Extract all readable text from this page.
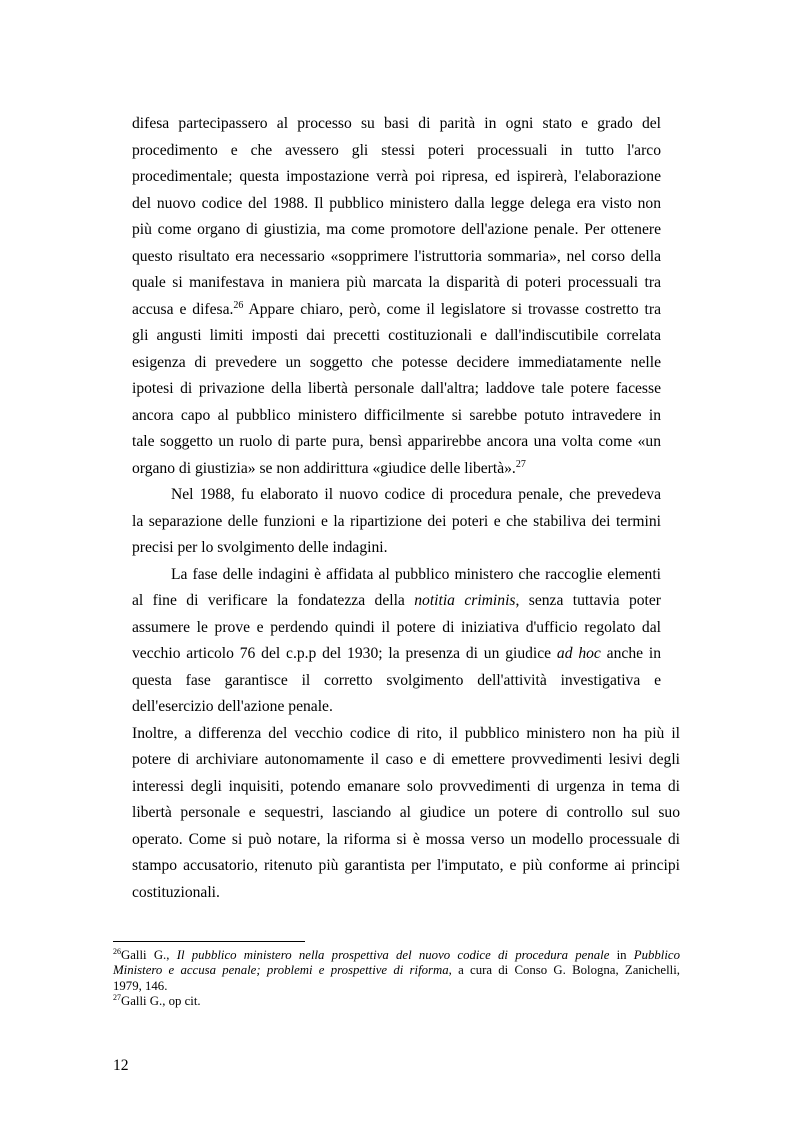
difesa partecipassero al processo su basi di parità in ogni stato e grado del
procedimento e che avessero gli stessi poteri processuali in tutto l'arco
procedimentale; questa impostazione verrà poi ripresa, ed ispirerà, l'elaborazione
del nuovo codice del 1988. Il pubblico ministero dalla legge delega era visto non
più come organo di giustizia, ma come promotore dell'azione penale. Per ottenere
questo risultato era necessario «sopprimere l'istruttoria sommaria», nel corso della
quale si manifestava in maniera più marcata la disparità di poteri processuali tra
accusa e difesa.$^{26}$ Appare chiaro, però, come il legislatore si trovasse costretto tra
gli angusti limiti imposti dai precetti costituzionali e dall'indiscutibile correlata
esigenza di prevedere un soggetto che potesse decidere immediatamente nelle
ipotesi di privazione della libertà personale dall'altra; laddove tale potere facesse
ancora capo al pubblico ministero difficilmente si sarebbe potuto intravedere in
tale soggetto un ruolo di parte pura, bensì apparirebbe ancora una volta come «un
organo di giustizia» se non addirittura «giudice delle libertà».$^{27}$
Nel 1988, fu elaborato il nuovo codice di procedura penale, che prevedeva
la separazione delle funzioni e la ripartizione dei poteri e che stabiliva dei termini
precisi per lo svolgimento delle indagini.
La fase delle indagini è affidata al pubblico ministero che raccoglie elementi
al fine di verificare la fondatezza della notitia criminis, senza tuttavia poter
assumere le prove e perdendo quindi il potere di iniziativa d'ufficio regolato dal
vecchio articolo 76 del c.p.p del 1930; la presenza di un giudice ad hoc anche in
questa fase garantisce il corretto svolgimento dell'attività investigativa e
dell'esercizio dell'azione penale.
Inoltre, a differenza del vecchio codice di rito, il pubblico ministero non ha più il
potere di archiviare autonomamente il caso e di emettere provvedimenti lesivi degli
interessi degli inquisiti, potendo emanare solo provvedimenti di urgenza in tema di
libertà personale e sequestri, lasciando al giudice un potere di controllo sul suo
operato. Come si può notare, la riforma si è mossa verso un modello processuale di
stampo accusatorio, ritenuto più garantista per l'imputato, e più conforme ai principi
costituzionali.
$^{26}$Galli G., Il pubblico ministero nella prospettiva del nuovo codice di procedura penale in Pubblico
Ministero e accusa penale; problemi e prospettive di riforma, a cura di Conso G. Bologna, Zanichelli,
1979, 146.
$^{27}$Galli G., op cit.
12
